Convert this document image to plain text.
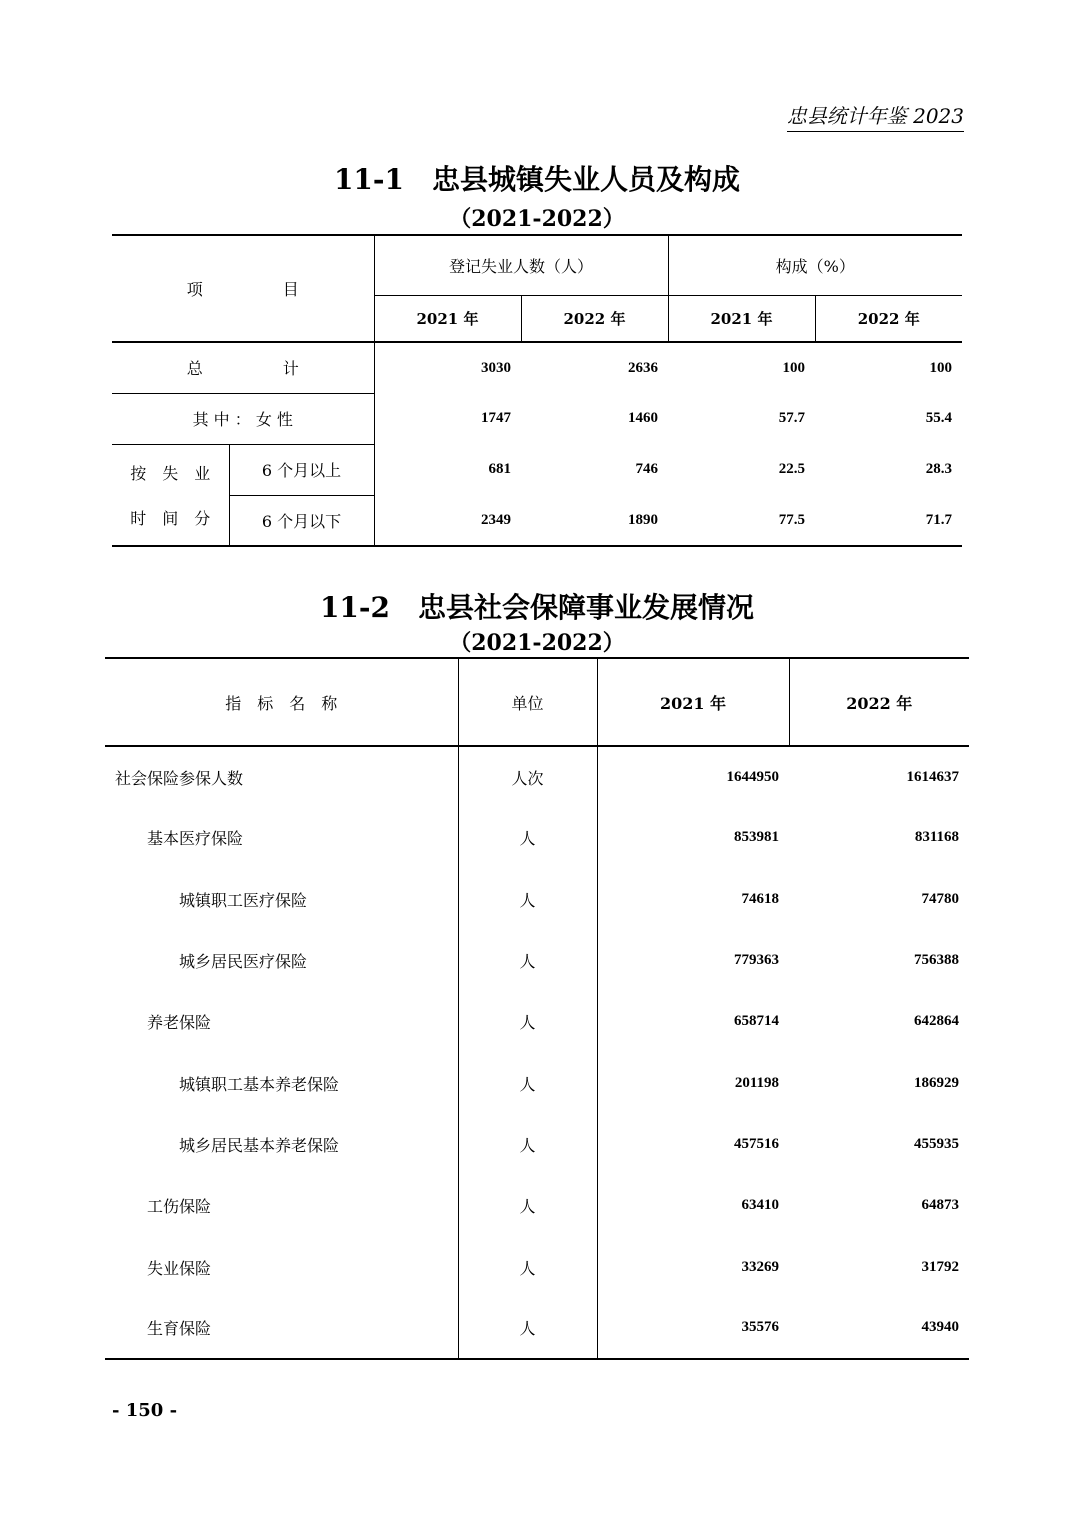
忠县统计年鉴 2023
11-1　忠县城镇失业人员及构成
（2021-2022）
项　　　　　目		登记失业人数（人）		构成（%）	
		2021 年	2022 年	2021 年	2022 年
总　　　　　计		3030	2636	100	100
其 中 ： 女 性		1747	1460	57.7	55.4

按　失　业
时　间　分	6 个月以上	681	746	22.5	28.3
	6 个月以下	2349	1890	77.5	71.7
11-2　忠县社会保障事业发展情况
（2021-2022）
指　标　名　称	单位	2021 年	2022 年
社会保险参保人数	人次	1644950	1614637
基本医疗保险	人	853981	831168
城镇职工医疗保险	人	74618	74780
城乡居民医疗保险	人	779363	756388
养老保险	人	658714	642864
城镇职工基本养老保险	人	201198	186929
城乡居民基本养老保险	人	457516	455935
工伤保险	人	63410	64873
失业保险	人	33269	31792
生育保险	人	35576	43940
- 150 -
